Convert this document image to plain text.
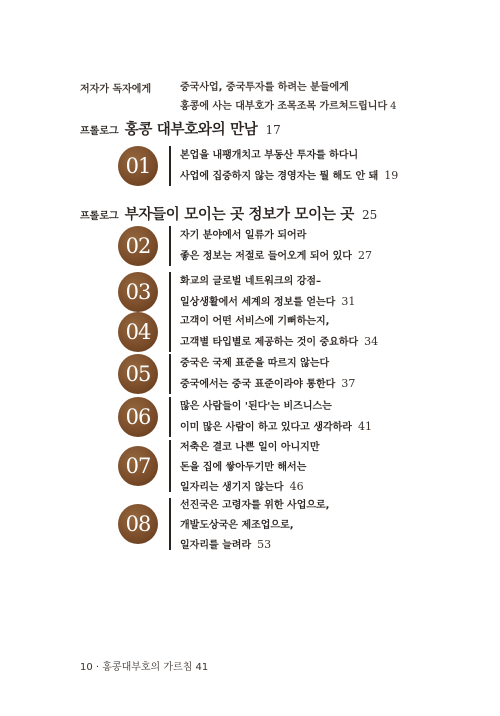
저자가 독자에게	중국사업, 중국투자를 하려는 분들에게
홍콩에 사는 대부호가 조목조목 가르쳐드립니다 4
프롤로그 홍콩 대부호와의 만남 17
01	본업을 내팽개치고 부동산 투자를 하다니
사업에 집중하지 않는 경영자는 뭘 해도 안 돼 19
프롤로그 부자들이 모이는 곳 정보가 모이는 곳 25
02	자기 분야에서 일류가 되어라
좋은 정보는 저절로 들어오게 되어 있다 27
03	화교의 글로벌 네트워크의 강점–
일상생활에서 세계의 정보를 얻는다 31
04	고객이 어떤 서비스에 기뻐하는지,
고객별 타입별로 제공하는 것이 중요하다 34
05	중국은 국제 표준을 따르지 않는다
중국에서는 중국 표준이라야 통한다 37
06	많은 사람들이 '된다'는 비즈니스는
이미 많은 사람이 하고 있다고 생각하라 41
07
저축은 결코 나쁜 일이 아니지만
돈을 집에 쌓아두기만 해서는
일자리는 생기지 않는다 46
08
선진국은 고령자를 위한 사업으로,
개발도상국은 제조업으로,
일자리를 늘려라 53
10 · 홍콩대부호의 가르침 41
